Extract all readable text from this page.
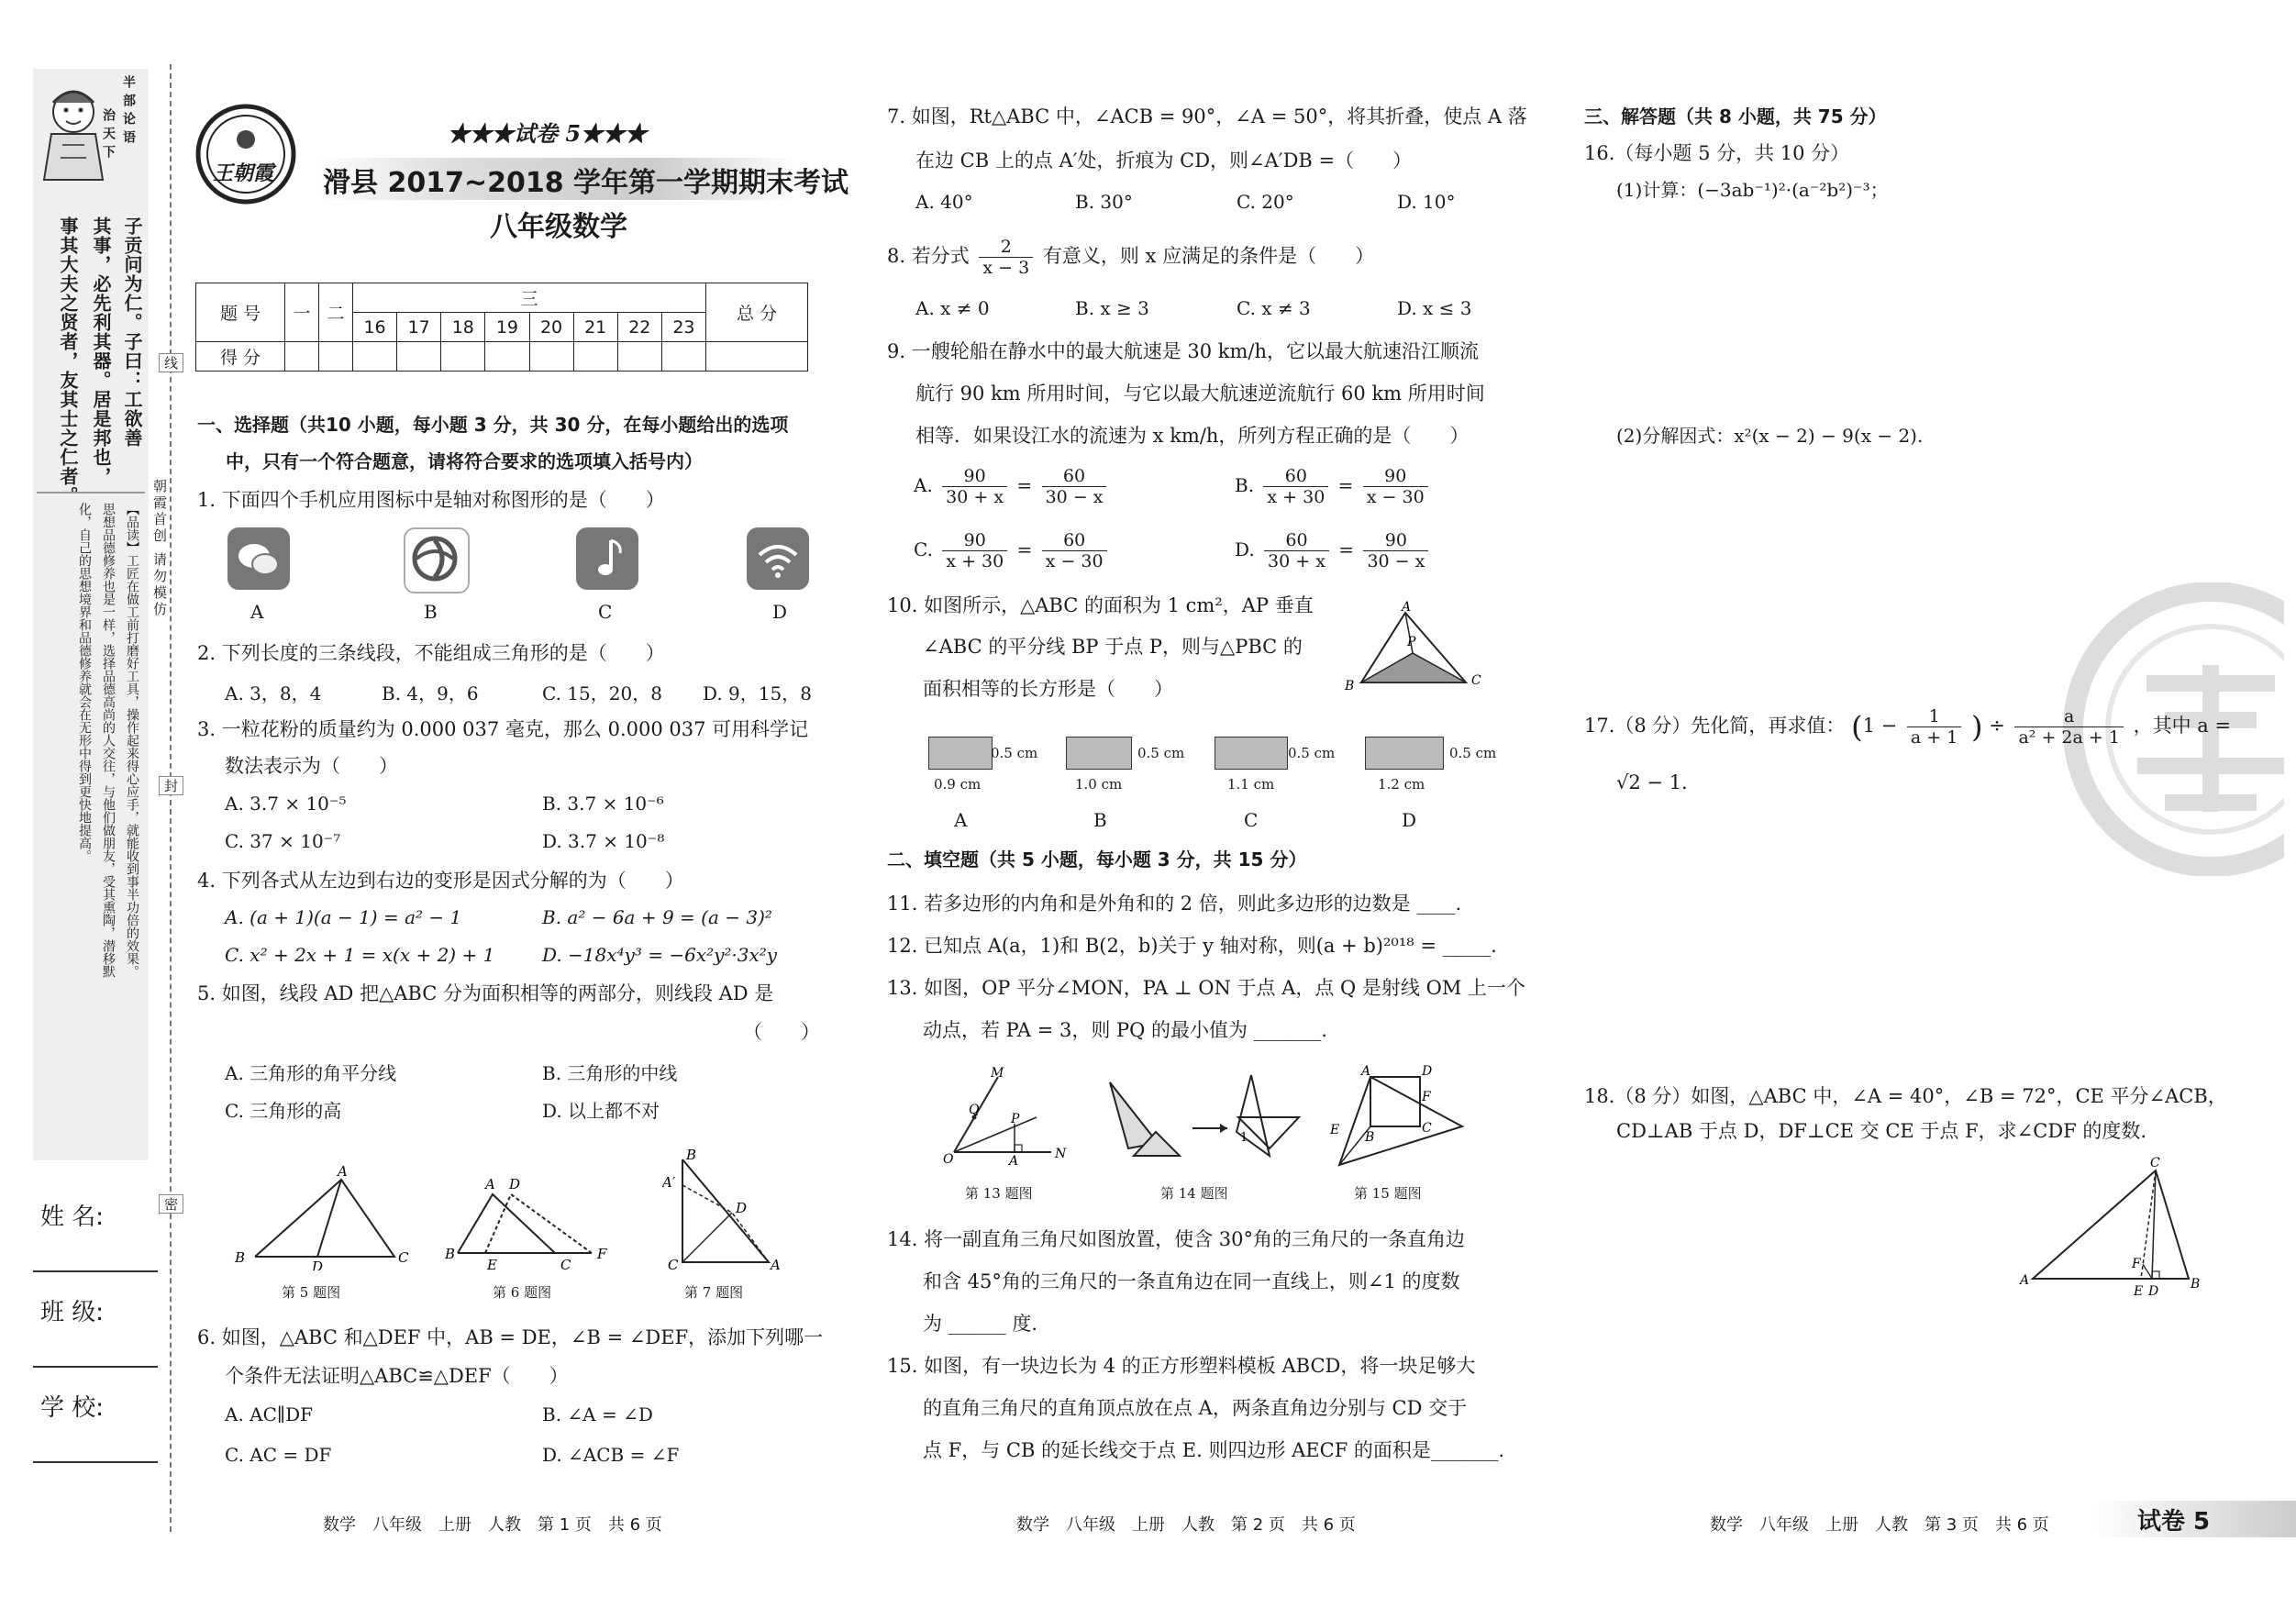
半部论语
治天下
子贡问为仁。子曰：工欲善
其事，必先利其器。居是邦也，
事其大夫之贤者，友其士之仁者。
【品读】工匠在做工前打磨好工具，操作起来得心应手，就能收到事半功倍的效果。
思想品德修养也是一样，选择品德高尚的人交往，与他们做朋友，受其熏陶，潜移默
化，自己的思想境界和品德修养就会在无形中得到更快地提高。
线
封
密
朝霞首创 请勿模仿
姓 名:
班 级:
学 校:
王朝霞
★★★试卷 5★★★
滑县 2017~2018 学年第一学期期末考试
八年级数学
题 号	一	二	三								总 分
			16	17	18	19	20	21	22	23	
得 分											
一、选择题（共10 小题，每小题 3 分，共 30 分，在每小题给出的选项
中，只有一个符合题意，请将符合要求的选项填入括号内）
1. 下面四个手机应用图标中是轴对称图形的是（　　）
A	B	C	D
2. 下列长度的三条线段，不能组成三角形的是（　　）
A. 3，8，4	B. 4，9，6	C. 15，20，8 D. 9，15，8
3. 一粒花粉的质量约为 0.000 037 毫克，那么 0.000 037 可用科学记
数法表示为（　　）
A. 3.7 × 10⁻⁵	B. 3.7 × 10⁻⁶
C. 37 × 10⁻⁷	D. 3.7 × 10⁻⁸
4. 下列各式从左边到右边的变形是因式分解的为（　　）
A. (a + 1)(a − 1) = a² − 1	B. a² − 6a + 9 = (a − 3)²
C. x² + 2x + 1 = x(x + 2) + 1	D. −18x⁴y³ = −6x²y²·3x²y
5. 如图，线段 AD 把△ABC 分为面积相等的两部分，则线段 AD 是
（　　）
A. 三角形的角平分线	B. 三角形的中线
C. 三角形的高	D. 以上都不对
A
B
D
C
第 5 题图
A D
B
E	C
F
第 6 题图
B
A′
D
C	A
第 7 题图
6. 如图，△ABC 和△DEF 中，AB = DE，∠B = ∠DEF，添加下列哪一
个条件无法证明△ABC≌△DEF（　　）
A. AC∥DF	B. ∠A = ∠D
C. AC = DF	D. ∠ACB = ∠F
数学　八年级　上册　人教　第 1 页　共 6 页
7. 如图，Rt△ABC 中，∠ACB = 90°，∠A = 50°，将其折叠，使点 A 落
在边 CB 上的点 A′处，折痕为 CD，则∠A′DB =（　　）
A. 40°	B. 30°	C. 20°	D. 10°
8. 若分式 $\frac{2}{x - 3}$ 有意义，则 x 应满足的条件是（　　）
A. x ≠ 0	B. x ≥ 3	C. x ≠ 3	D. x ≤ 3
9. 一艘轮船在静水中的最大航速是 30 km/h，它以最大航速沿江顺流
航行 90 km 所用时间，与它以最大航速逆流航行 60 km 所用时间
相等．如果设江水的流速为 x km/h，所列方程正确的是（　　）
A. $\frac{90}{30 + x} = \frac{60}{30 - x}$	B. $\frac{60}{x + 30} = \frac{90}{x - 30}$
C. $\frac{90}{x + 30} = \frac{60}{x - 30}$	D. $\frac{60}{30 + x} = \frac{90}{30 - x}$
10. 如图所示，△ABC 的面积为 1 cm²，AP 垂直
∠ABC 的平分线 BP 于点 P，则与△PBC 的
面积相等的长方形是（　　）
A
P
B	C
0.5 cm
0.9 cm
A
0.5 cm
1.0 cm
B
0.5 cm
1.1 cm
C
0.5 cm
1.2 cm
D
二、填空题（共 5 小题，每小题 3 分，共 15 分）
11. 若多边形的内角和是外角和的 2 倍，则此多边形的边数是 ____.
12. 已知点 A(a，1)和 B(2，b)关于 y 轴对称，则(a + b)²⁰¹⁸ = _____.
13. 如图，OP 平分∠MON，PA ⊥ ON 于点 A，点 Q 是射线 OM 上一个
动点，若 PA = 3，则 PQ 的最小值为 _______.
M
Q
P
O	A	N
第 13 题图
1
第 14 题图
A	D
F
E B
C
第 15 题图
14. 将一副直角三角尺如图放置，使含 30°角的三角尺的一条直角边
和含 45°角的三角尺的一条直角边在同一直线上，则∠1 的度数
为 ______ 度.
15. 如图，有一块边长为 4 的正方形塑料模板 ABCD，将一块足够大
的直角三角尺的直角顶点放在点 A，两条直角边分别与 CD 交于
点 F，与 CB 的延长线交于点 E. 则四边形 AECF 的面积是_______.
数学　八年级　上册　人教　第 2 页　共 6 页
三、解答题（共 8 小题，共 75 分）
16.（每小题 5 分，共 10 分）
(1)计算：(−3ab⁻¹)²·(a⁻²b²)⁻³；
(2)分解因式：x²(x − 2) − 9(x − 2).
17.（8 分）先化简，再求值： ($1 - \frac{1}{a + 1}$ ) ÷ $\frac{a}{\text{a² + 2a + 1}}$ ，其中 a =
√2 − 1.
18.（8 分）如图，△ABC 中，∠A = 40°，∠B = 72°，CE 平分∠ACB，
CD⊥AB 于点 D，DF⊥CE 交 CE 于点 F，求∠CDF 的度数.
C
F
A
E D B
数学　八年级　上册　人教　第 3 页　共 6 页	试卷 5
